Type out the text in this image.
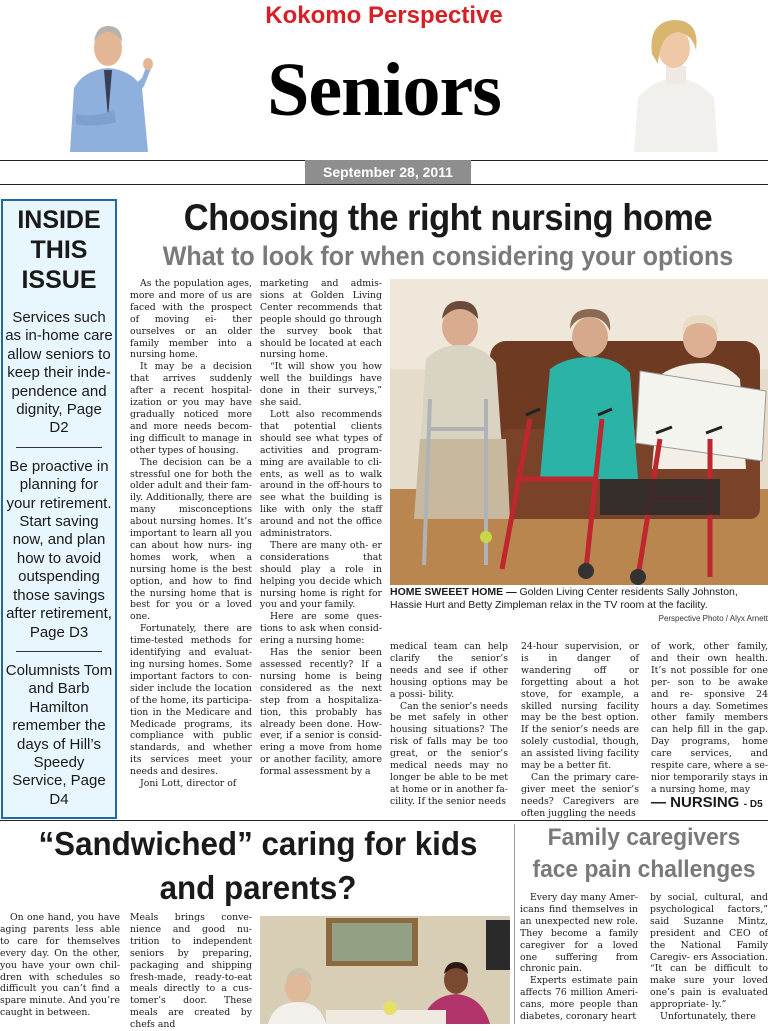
Kokomo Perspective
Seniors
September 28, 2011
INSIDE
THIS
ISSUE
Services such as in-home care allow seniors to keep their inde- pendence and dignity, Page D2
Be proactive in planning for your retirement. Start saving now, and plan how to avoid outspending those savings after retirement, Page D3
Columnists Tom and Barb Hamilton remember the days of Hill’s Speedy Service, Page D4
Choosing the right nursing home
What to look for when considering your options

As the population ages, more and more of us are faced with the prospect of moving ei- ther ourselves or an older family member into a nursing home.

It may be a decision that arrives suddenly after a recent hospital- ization or you may have gradually noticed more and more needs becom- ing difficult to manage in other types of housing.

The decision can be a stressful one for both the older adult and their fam- ily. Additionally, there are many misconceptions about nursing homes. It’s important to learn all you can about how nurs- ing homes work, when a nursing home is the best option, and how to find the nursing home that is best for you or a loved one.

Fortunately, there are time-tested methods for identifying and evaluat- ing nursing homes. Some important factors to con- sider include the location of the home, its participa- tion in the Medicare and Medicade programs, its compliance with public standards, and whether its services meet your needs and desires.

Joni Lott, director of

marketing and admis- sions at Golden Living Center recommends that people should go through the survey book that should be located at each nursing home.

“It will show you how well the buildings have done in their surveys,” she said.

Lott also recommends that potential clients should see what types of activities and program- ming are available to cli- ents, as well as to walk around in the off-hours to see what the building is like with only the staff around and not the office administrators.

There are many oth- er considerations that should play a role in helping you decide which nursing home is right for you and your family.

Here are some ques- tions to ask when consid- ering a nursing home:

Has the senior been assessed recently? If a nursing home is being considered as the next step from a hospitaliza- tion, this probably has already been done. How- ever, if a senior is consid- ering a move from home or another facility, amore formal assessment by a

HOME SWEEET HOME — Golden Living Center residents Sally Johnston, Hassie Hurt and Betty Zimpleman relax in the TV room at the facility.
Perspective Photo / Alyx Arnett

medical team can help clarify the senior’s needs and see if other housing options may be a possi- bility.

Can the senior’s needs be met safely in other housing situations? The risk of falls may be too great, or the senior’s medical needs may no longer be able to be met at home or in another fa- cility. If the senior needs

24-hour supervision, or is in danger of wandering off or forgetting about a hot stove, for example, a skilled nursing facility may be the best option. If the senior’s needs are solely custodial, though, an assisted living facility may be a better fit.

Can the primary care- giver meet the senior’s needs? Caregivers are often juggling the needs

of work, other family, and their own health. It’s not possible for one per- son to be awake and re- sponsive 24 hours a day. Sometimes other family members can help fill in the gap. Day programs, home care services, and respite care, where a se- nior temporarily stays in a nursing home, may

— NURSING - D5
“Sandwiched” caring for kids and parents?

On one hand, you have aging parents less able to care for themselves every day. On the other, you have your own chil- dren with schedules so difficult you can’t find a spare minute. And you’re caught in between.

Meals brings conve- nience and good nu- trition to independent seniors by preparing, packaging and shipping fresh-made, ready-to-eat meals directly to a cus- tomer’s door. These meals are created by chefs and

Family caregivers face pain challenges

Every day many Amer- icans find themselves in an unexpected new role. They become a family caregiver for a loved one suffering from chronic pain.

Experts estimate pain affects 76 million Ameri- cans, more people than diabetes, coronary heart

by social, cultural, and psychological factors,” said Suzanne Mintz, president and CEO of the National Family Caregiv- ers Association. “It can be difficult to make sure your loved one’s pain is evaluated appropriate- ly.”

Unfortunately, there
